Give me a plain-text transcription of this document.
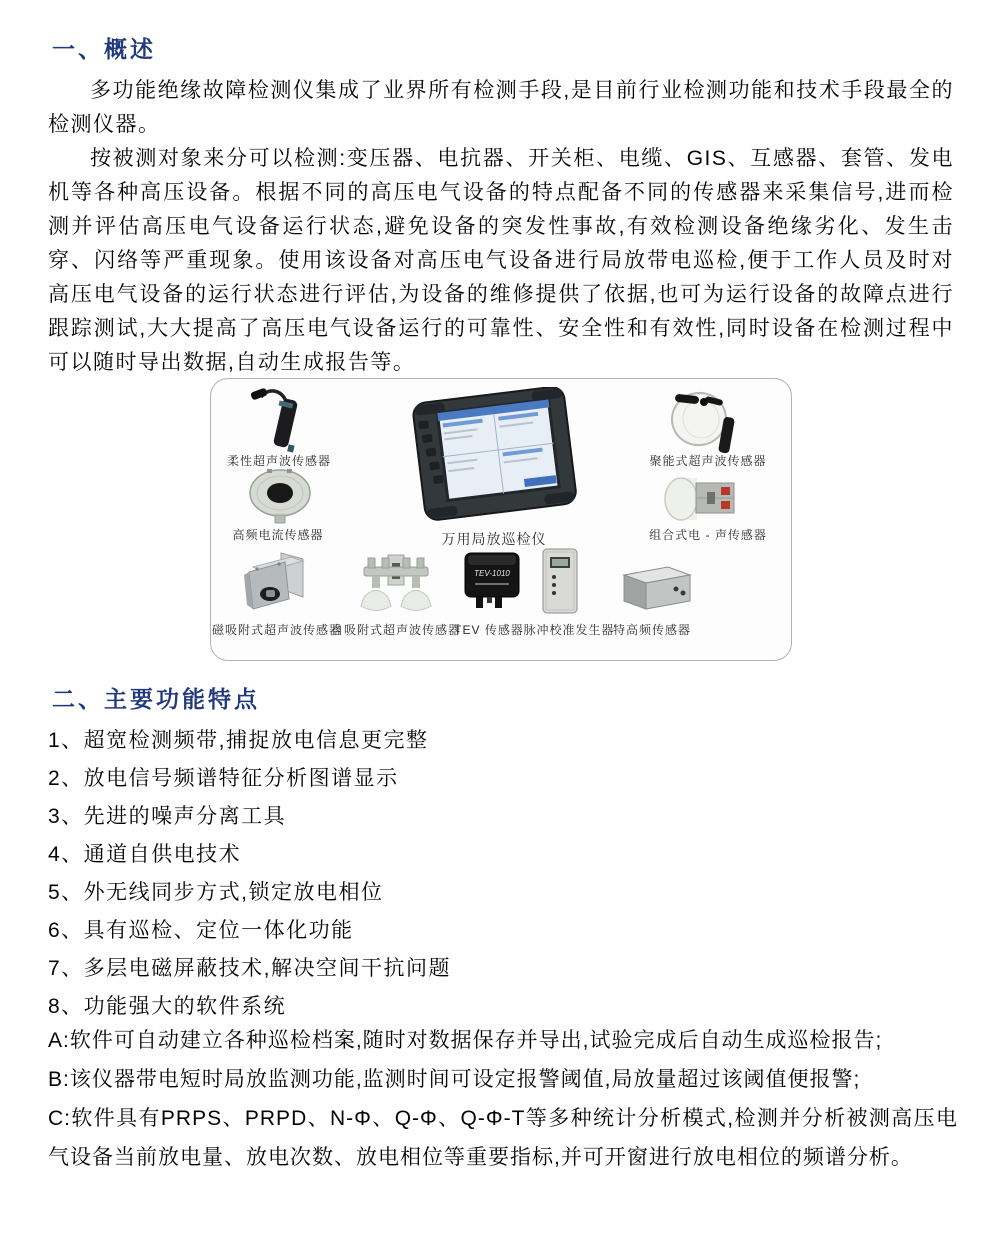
一、概述

多功能绝缘故障检测仪集成了业界所有检测手段,是目前行业检测功能和技术手段最全的检测仪器。

按被测对象来分可以检测:变压器、电抗器、开关柜、电缆、GIS、互感器、套管、发电机等各种高压设备。根据不同的高压电气设备的特点配备不同的传感器来采集信号,进而检测并评估高压电气设备运行状态,避免设备的突发性事故,有效检测设备绝缘劣化、发生击穿、闪络等严重现象。使用该设备对高压电气设备进行局放带电巡检,便于工作人员及时对高压电气设备的运行状态进行评估,为设备的维修提供了依据,也可为运行设备的故障点进行跟踪测试,大大提高了高压电气设备运行的可靠性、安全性和有效性,同时设备在检测过程中可以随时导出数据,自动生成报告等。

柔性超声波传感器
高频电流传感器	万用局放巡检仪
聚能式超声波传感器
组合式电 - 声传感器
磁吸附式超声波传感器
自吸附式超声波传感器
TEV-1010
TEV 传感器 脉冲校准发生器
特高频传感器
二、主要功能特点
1、超宽检测频带,捕捉放电信息更完整
2、放电信号频谱特征分析图谱显示
3、先进的噪声分离工具
4、通道自供电技术
5、外无线同步方式,锁定放电相位
6、具有巡检、定位一体化功能
7、多层电磁屏蔽技术,解决空间干抗问题
8、功能强大的软件系统

A:软件可自动建立各种巡检档案,随时对数据保存并导出,试验完成后自动生成巡检报告;

B:该仪器带电短时局放监测功能,监测时间可设定报警阈值,局放量超过该阈值便报警;

C:软件具有PRPS、PRPD、N-Φ、Q-Φ、Q-Φ-T等多种统计分析模式,检测并分析被测高压电气设备当前放电量、放电次数、放电相位等重要指标,并可开窗进行放电相位的频谱分析。
